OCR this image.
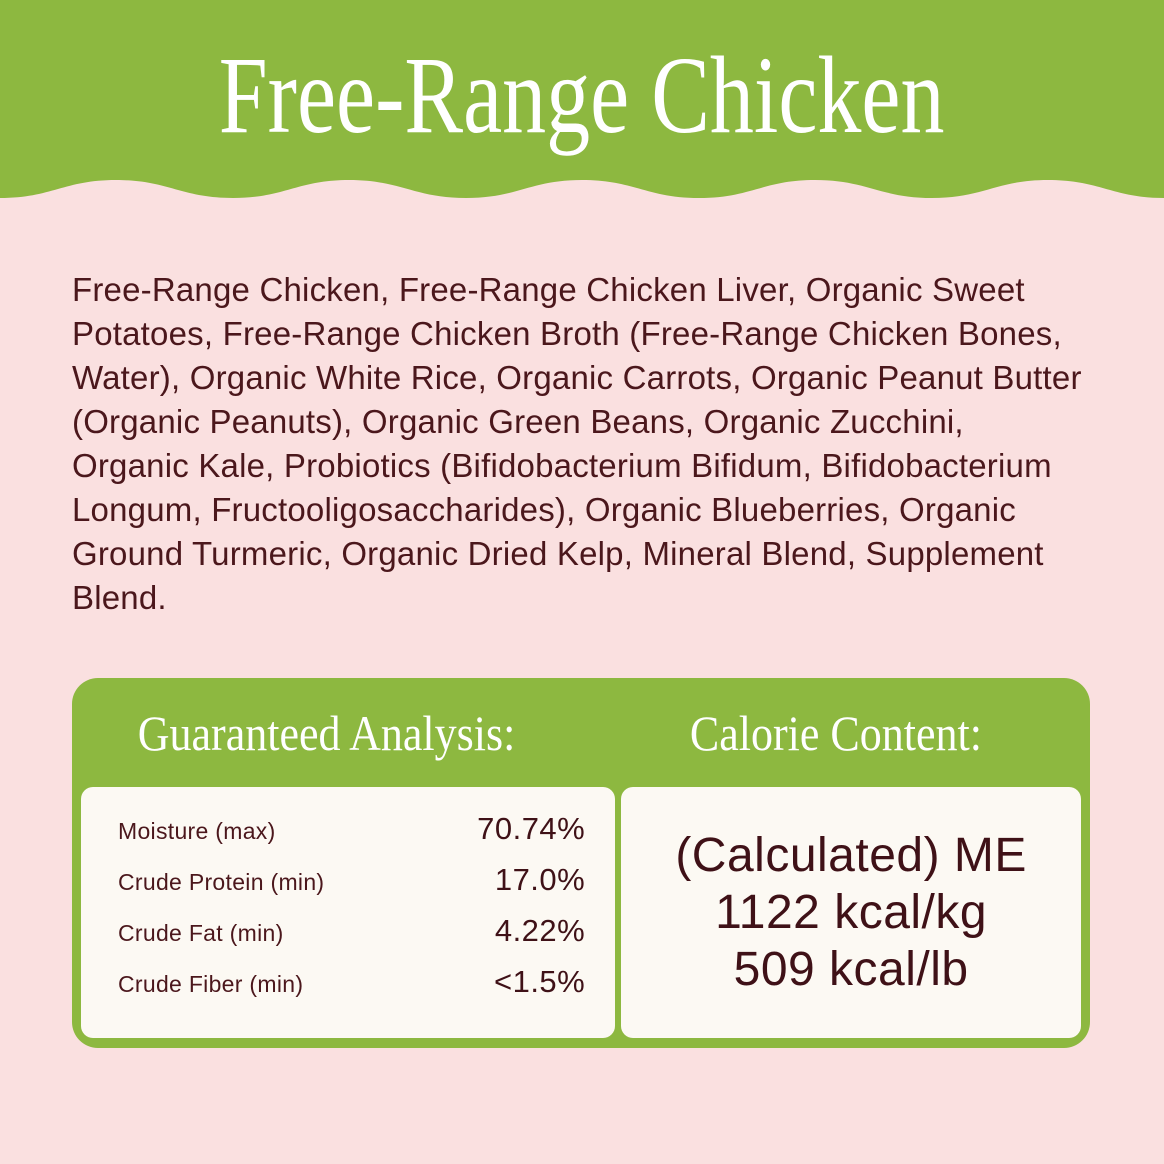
Free-Range Chicken

Free-Range Chicken, Free-Range Chicken Liver, Organic Sweet Potatoes, Free-Range Chicken Broth (Free-Range Chicken Bones, Water), Organic White Rice, Organic Carrots, Organic Peanut Butter (Organic Peanuts), Organic Green Beans, Organic Zucchini, Organic Kale, Probiotics (Bifidobacterium Bifidum, Bifidobacterium Longum, Fructooligosaccharides), Organic Blueberries, Organic Ground Turmeric, Organic Dried Kelp, Mineral Blend, Supplement Blend.

Guaranteed Analysis:	Calorie Content:
Moisture (max)	70.74%
Crude Protein (min)	17.0%
Crude Fat (min)	4.22%
Crude Fiber (min)	<1.5%
(Calculated) ME
1122 kcal/kg
509 kcal/lb
